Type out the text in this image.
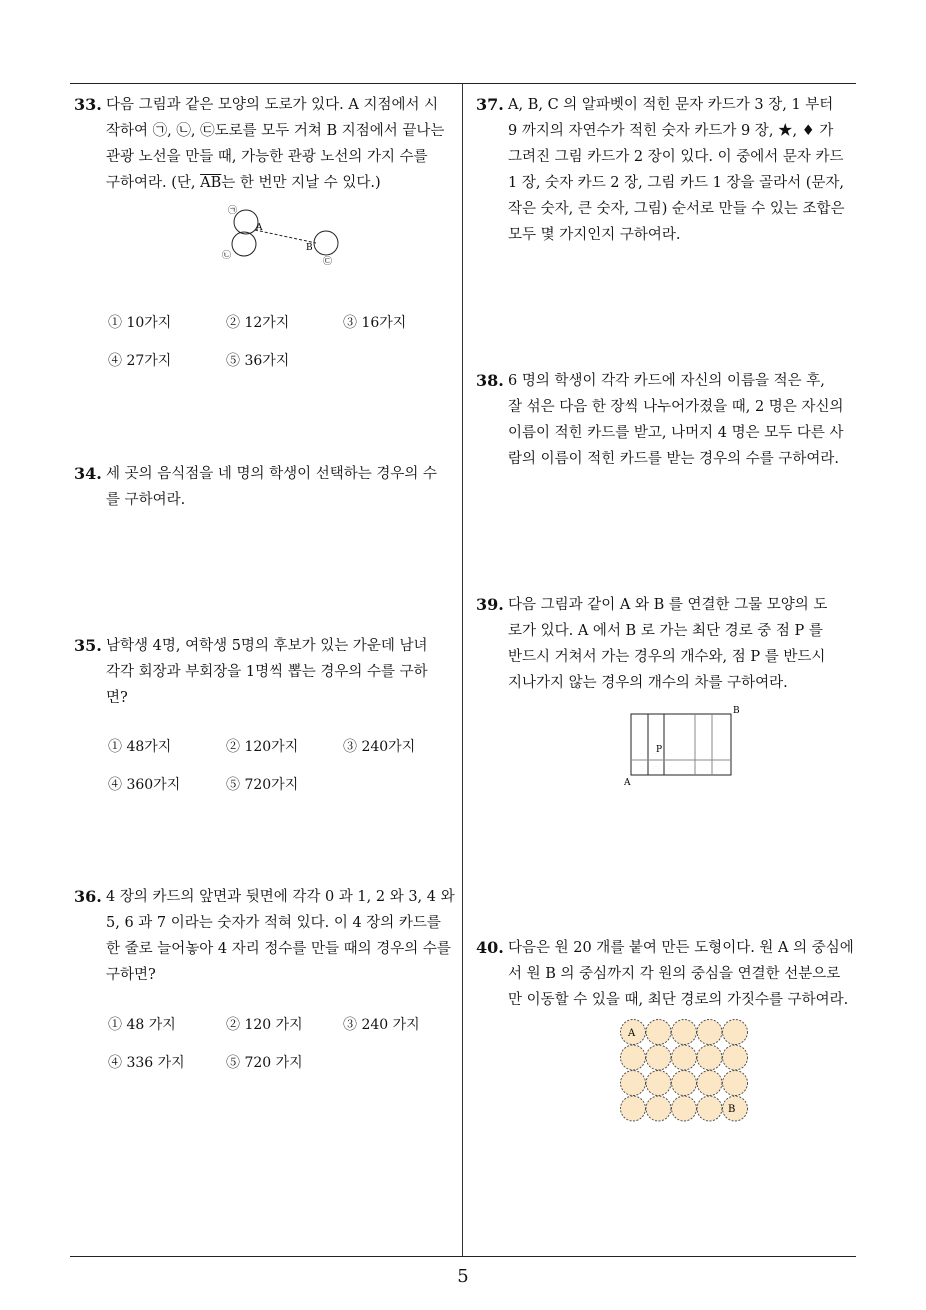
33. 다음 그림과 같은 모양의 도로가 있다. A 지점에서 시

작하여 ㉠, ㉡, ㉢도로를 모두 거쳐 B 지점에서 끝나는

관광 노선을 만들 때, 가능한 관광 노선의 가지 수를

구하여라. (단, $\overline{AB}$는 한 번만 지날 수 있다.)

㉠
A
㉡
B
㉢
① 10가지	② 12가지	③ 16가지
④ 27가지	⑤ 36가지
34. 세 곳의 음식점을 네 명의 학생이 선택하는 경우의 수

를 구하여라.

35. 남학생 4명, 여학생 5명의 후보가 있는 가운데 남녀

각각 회장과 부회장을 1명씩 뽑는 경우의 수를 구하

면?

① 48가지	② 120가지	③ 240가지
④ 360가지	⑤ 720가지
36. 4 장의 카드의 앞면과 뒷면에 각각 0 과 1, 2 와 3, 4 와

5, 6 과 7 이라는 숫자가 적혀 있다. 이 4 장의 카드를

한 줄로 늘어놓아 4 자리 정수를 만들 때의 경우의 수를

구하면?

① 48 가지	② 120 가지	③ 240 가지
④ 336 가지	⑤ 720 가지
37. A, B, C 의 알파벳이 적힌 문자 카드가 3 장, 1 부터

9 까지의 자연수가 적힌 숫자 카드가 9 장, ★, ♦ 가

그려진 그림 카드가 2 장이 있다. 이 중에서 문자 카드

1 장, 숫자 카드 2 장, 그림 카드 1 장을 골라서 (문자,

작은 숫자, 큰 숫자, 그림) 순서로 만들 수 있는 조합은

모두 몇 가지인지 구하여라.

38. 6 명의 학생이 각각 카드에 자신의 이름을 적은 후,

잘 섞은 다음 한 장씩 나누어가졌을 때, 2 명은 자신의

이름이 적힌 카드를 받고, 나머지 4 명은 모두 다른 사

람의 이름이 적힌 카드를 받는 경우의 수를 구하여라.

39. 다음 그림과 같이 A 와 B 를 연결한 그물 모양의 도

로가 있다. A 에서 B 로 가는 최단 경로 중 점 P 를

반드시 거쳐서 가는 경우의 개수와, 점 P 를 반드시

지나가지 않는 경우의 개수의 차를 구하여라.

A
B
P
40. 다음은 원 20 개를 붙여 만든 도형이다. 원 A 의 중심에

서 원 B 의 중심까지 각 원의 중심을 연결한 선분으로

만 이동할 수 있을 때, 최단 경로의 가짓수를 구하여라.

A
B
5
